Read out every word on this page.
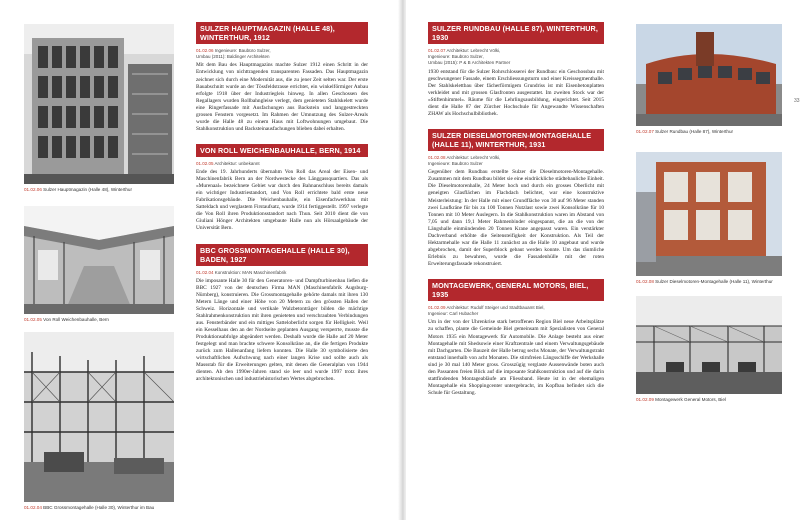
01.02.06 Sulzer Hauptmagazin (Halle 48), Winterthur
01.02.05 Von Roll Weichenbauhalle, Bern
01.02.04 BBC Grossmontagehalle (Halle 30), Winterthur im Bau
SULZER HAUPTMAGAZIN (HALLE 48), WINTERTHUR, 1912
01.02.06 Ingenieure: Baubüro Sulzer,
Umbau (2011): Baldinger Architekten
Mit dem Bau des Hauptmagazins machte Sulzer 1912 einen Schritt in der Entwicklung von nichttragenden transparenten Fassaden. Das Hauptmagazin zeichnet sich durch eine Modernität aus, die zu jener Zeit selten war. Der erste Bauabschnitt wurde an der Tössfeldstrasse errichtet, ein winkelförmiger Anbau erfolgte 1918 über der Industriegleis hinweg. In allen Geschossen des Regallagers wurden Rollbahngleise verlegt, dem genieteten Stahlskelett wurde eine Ringerfassade mit Ausfachungen aus Backstein und langgestreckten grossen Fenstern vorgesetzt. Im Rahmen der Umnutzung des Sulzer-Areals wurde die Halle 48 zu einem Haus mit Loftwohnungen umgebaut. Die Stahlkonstruktion und Backsteinausfachungen blieben dabei erhalten.
VON ROLL WEICHENBAUHALLE, BERN, 1914
01.02.05 Architektur: unbekannt
Ende des 19. Jahrhunderts übernahm Von Roll das Areal der Eisen- und Maschinenfabrik Bern an der Nordwestecke des Länggassquartiers. Das als «Murenaal» bezeichnete Gebiet war durch den Bahnanschluss bereits damals ein wichtiger Industriestandort, und Von Roll errichtete bald erste neue Fabrikationsgebäude. Die Weichenbauhalle, ein Eisenfachwerkbau mit Satteldach und verglastem Firstaufsatz, wurde 1914 fertiggestellt. 1997 verlegte die Von Roll ihren Produktionsstandort nach Thun. Seit 2010 dient die von Giuliani Hönger Architekten umgebaute Halle nun als Hörsaalgebäude der Universität Bern.
BBC GROSSMONTAGEHALLE (HALLE 30), BADEN, 1927
01.02.04 Konstruktion: MAN Maschinenfabrik
Die imposante Halle 30 für den Generatoren- und Dampfturbinenbau ließen die BBC 1927 von der deutschen Firma MAN (Maschinenfabrik Augsburg-Nürnberg), konstruieren. Die Grossmontagehalle gehörte damals mit ihren 130 Metern Länge und einer Höhe von 20 Metern zu den grössten Hallen der Schweiz. Horizontale und vertikale Walzbetonträger bilden die mächtige Stahlrahmenkonstruktion mit ihren genieteten und verschraubten Verbindungen aus. Fensterbänder und ein mittiges Satteloberlicht sorgen für Helligkeit. Weil ein Kesselhaus den an der Nordseite geplanten Ausgang versperrte, musste die Produktionsabfolge abgeändert werden. Deshalb wurde die Halle auf 20 Meter festgelegt und man brachte schwere Konsolkräne an, die die fertigen Produkte zurück zum Hallenanfang liefern konnten. Die Halle 30 symbolisierte den wirtschaftlichen Aufschwung nach einer langen Krise und sollte auch als Massstab für die Erweiterungen gelten, mit denen die Generalplan von 1944 dienten. Ab den 1990er-Jahren stand sie leer und wurde 1997 trotz ihres architektonischen und industriehistorischen Wertes abgebrochen.
SULZER RUNDBAU (HALLE 87), WINTERTHUR, 1930
01.02.07 Architektur: Lebrecht Völki,
Ingenieure: Baubüro Sulzer,
Umbau (2015): P & B Architekten Partner
1930 entstand für die Sulzer Rohrschlosserei der Rundbau: ein Geschossbau mit geschwungener Fassade, einem Erschliessungsturm und einer Kreissegmenthalle. Der Stahlskelettbau über fächerförmigem Grundriss ist mit Eisenbetonplatten verkleidet und mit grossen Glasfronten ausgestattet. Im zweiten Stock war der «Stiftenhimmel». Räume für die Lehrlingsausbildung, eingerichtet. Seit 2015 dient die Halle 87 der Zürcher Hochschule für Angewandte Wissenschaften ZHAW als Hochschulbibliothek.
SULZER DIESELMOTOREN-MONTAGEHALLE (HALLE 11), WINTERTHUR, 1931
01.02.08 Architektur: Lebrecht Völki,
Ingenieure: Baubüro Sulzer
Gegenüber dem Rundbau erstellte Sulzer die Dieselmotoren-Montagehalle. Zusammen mit dem Rundbau bildet sie eine eindrückliche städtebauliche Einheit. Die Dieselmotorenhalle, 24 Meter hoch und durch ein grosses Oberlicht mit geneigten Glasflächen im Flachdach belichtet, war eine konstruktive Meisterleistung: In der Halle mit einer Grundfläche von 30 auf 96 Meter standen zwei Laufkräne für bis zu 100 Tonnen Nutzlast sowie zwei Konsolkräne für 10 Tonnen mit 10 Meter Auslegern. In die Stahlkonstruktion waren im Abstand von 7,05 und dann 19,1 Meter Rahmenbinder eingespannt, die an die von der Längshalle einmündenden 20 Tonnen Krane angepasst waren. Ein verstärkter Dachverband erhöhte die Seitensteifigkeit der Konstruktion. Als Teil der Hektarmehalle war die Halle 11 zunächst an die Halle 10 angebaut und wurde abgebrochen, damit der Superblock gebaut werden konnte. Um das räumliche Erlebnis zu bewahren, wurde die Fassadenhülle mit der roten Erweiterungsfassade rekonstruiert.
MONTAGEWERK, GENERAL MOTORS, BIEL, 1935
01.02.09 Architektur: Rudolf Steiger und Stadtbauamt Biel,
Ingenieur: Carl Hubacher
Um in der von der Uhrenkrise stark betroffenen Region Biel neue Arbeitsplätze zu schaffen, plante die Gemeinde Biel gemeinsam mit Spezialisten von General Motors 1935 ein Montagewerk für Automobile. Die Anlage besteht aus einer Montagehalle mit Shedsowie einer Kraftzentrale und einem Verwaltungsgebäude mit Dachgarten. Die Bauzeit der Halle betrug sechs Monate, der Verwaltungstrakt entstand innerhalb von acht Monaten. Die stirnfreien Längsschiffe der Werkshalle sind je 30 mal 140 Meter gross. Grosszügig verglaste Aussenwände boten auch den Passanten freien Blick auf die imposante Stahlkonstruktion und auf die darin stattfindenden Montageabläufe am Fliessband. Heute ist in der ehemaligen Montagehalle ein Shoppingcenter untergebracht, im Kopfbau befindet sich die Schule für Gestaltung.
01.02.07 Sulzer Rundbau (Halle 87), Winterthur
01.02.08 Sulzer Dieselmotoren-Montagehalle (Halle 11), Winterthur
01.02.09 Montagewerk General Motors, Biel
33
